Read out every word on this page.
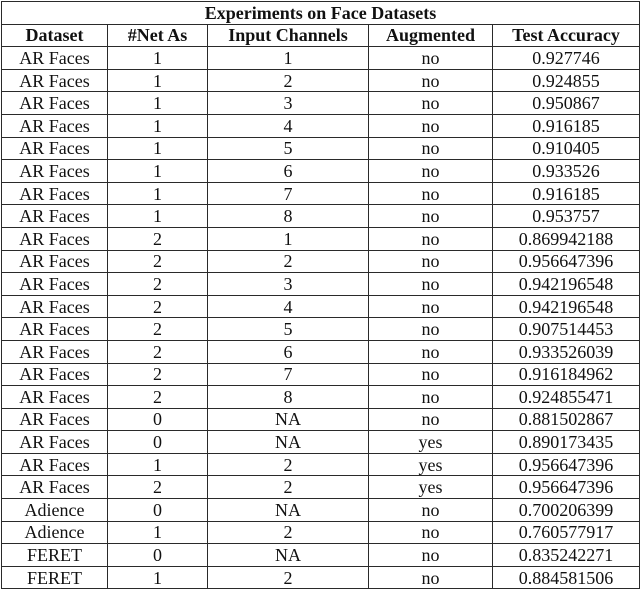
Experiments on Face Datasets				
Dataset	#Net As	Input Channels	Augmented	Test Accuracy
AR Faces	1	1	no	0.927746
AR Faces	1	2	no	0.924855
AR Faces	1	3	no	0.950867
AR Faces	1	4	no	0.916185
AR Faces	1	5	no	0.910405
AR Faces	1	6	no	0.933526
AR Faces	1	7	no	0.916185
AR Faces	1	8	no	0.953757
AR Faces	2	1	no	0.869942188
AR Faces	2	2	no	0.956647396
AR Faces	2	3	no	0.942196548
AR Faces	2	4	no	0.942196548
AR Faces	2	5	no	0.907514453
AR Faces	2	6	no	0.933526039
AR Faces	2	7	no	0.916184962
AR Faces	2	8	no	0.924855471
AR Faces	0	NA	no	0.881502867
AR Faces	0	NA	yes	0.890173435
AR Faces	1	2	yes	0.956647396
AR Faces	2	2	yes	0.956647396
Adience	0	NA	no	0.700206399
Adience	1	2	no	0.760577917
FERET	0	NA	no	0.835242271
FERET	1	2	no	0.884581506
